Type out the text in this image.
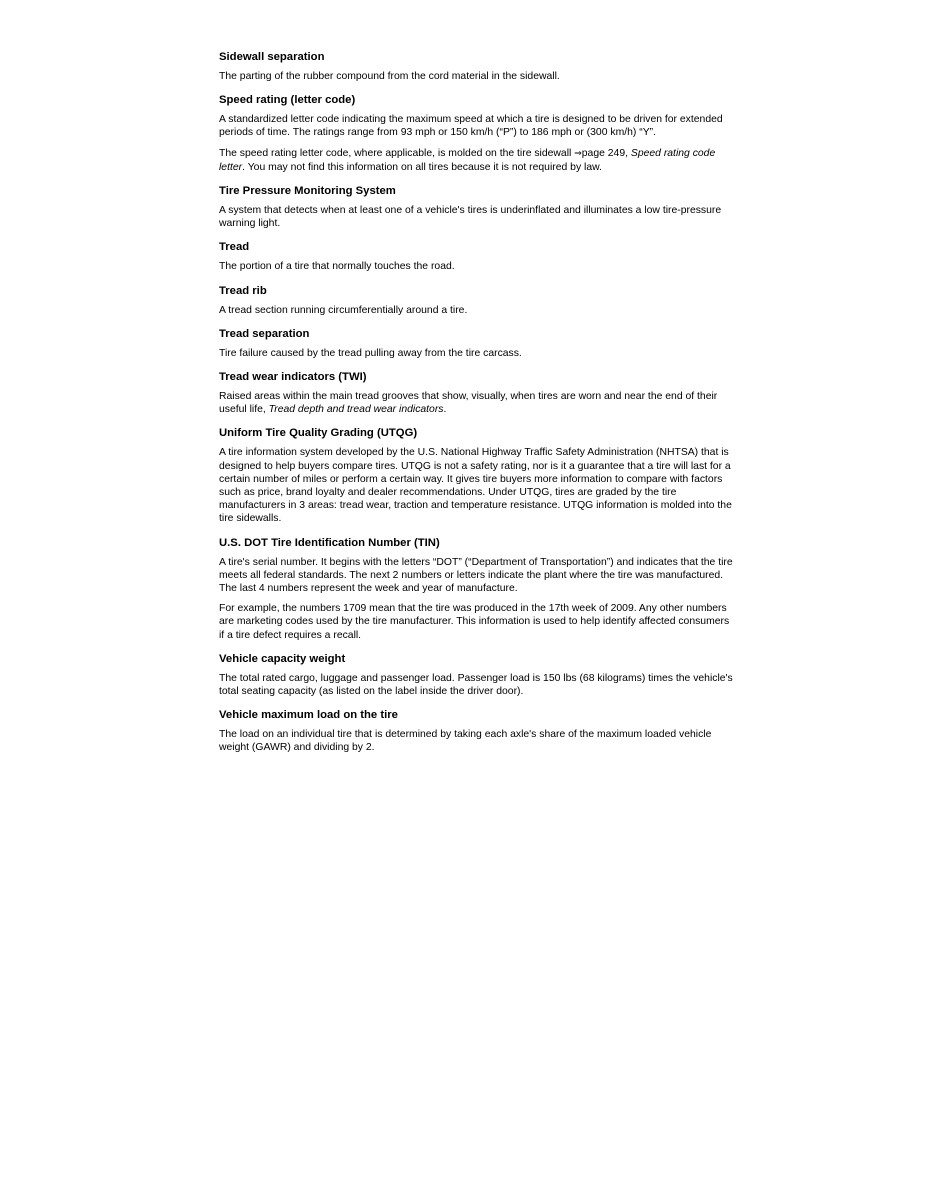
Sidewall separation

The parting of the rubber compound from the cord material in the sidewall.

Speed rating (letter code)

A standardized letter code indicating the maximum speed at which a tire is designed to be driven for extended periods of time. The ratings range from 93 mph or 150 km/h (“P”) to 186 mph or (300 km/h) “Y”.

The speed rating letter code, where applicable, is molded on the tire sidewall ⇒page 249, Speed rating code letter. You may not find this information on all tires because it is not required by law.

Tire Pressure Monitoring System

A system that detects when at least one of a vehicle's tires is underinflated and illuminates a low tire-pressure warning light.

Tread

The portion of a tire that normally touches the road.

Tread rib

A tread section running circumferentially around a tire.

Tread separation

Tire failure caused by the tread pulling away from the tire carcass.

Tread wear indicators (TWI)

Raised areas within the main tread grooves that show, visually, when tires are worn and near the end of their useful life, Tread depth and tread wear indicators.

Uniform Tire Quality Grading (UTQG)

A tire information system developed by the U.S. National Highway Traffic Safety Administration (NHTSA) that is designed to help buyers compare tires. UTQG is not a safety rating, nor is it a guarantee that a tire will last for a certain number of miles or perform a certain way. It gives tire buyers more information to compare with factors such as price, brand loyalty and dealer recommendations. Under UTQG, tires are graded by the tire manufacturers in 3 areas: tread wear, traction and temperature resistance. UTQG information is molded into the tire sidewalls.

U.S. DOT Tire Identification Number (TIN)

A tire's serial number. It begins with the letters “DOT” (“Department of Transportation”) and indicates that the tire meets all federal standards. The next 2 numbers or letters indicate the plant where the tire was manufactured. The last 4 numbers represent the week and year of manufacture.

For example, the numbers 1709 mean that the tire was produced in the 17th week of 2009. Any other numbers are marketing codes used by the tire manufacturer. This information is used to help identify affected consumers if a tire defect requires a recall.

Vehicle capacity weight

The total rated cargo, luggage and passenger load. Passenger load is 150 lbs (68 kilograms) times the vehicle's total seating capacity (as listed on the label inside the driver door).

Vehicle maximum load on the tire

The load on an individual tire that is determined by taking each axle's share of the maximum loaded vehicle weight (GAWR) and dividing by 2.
